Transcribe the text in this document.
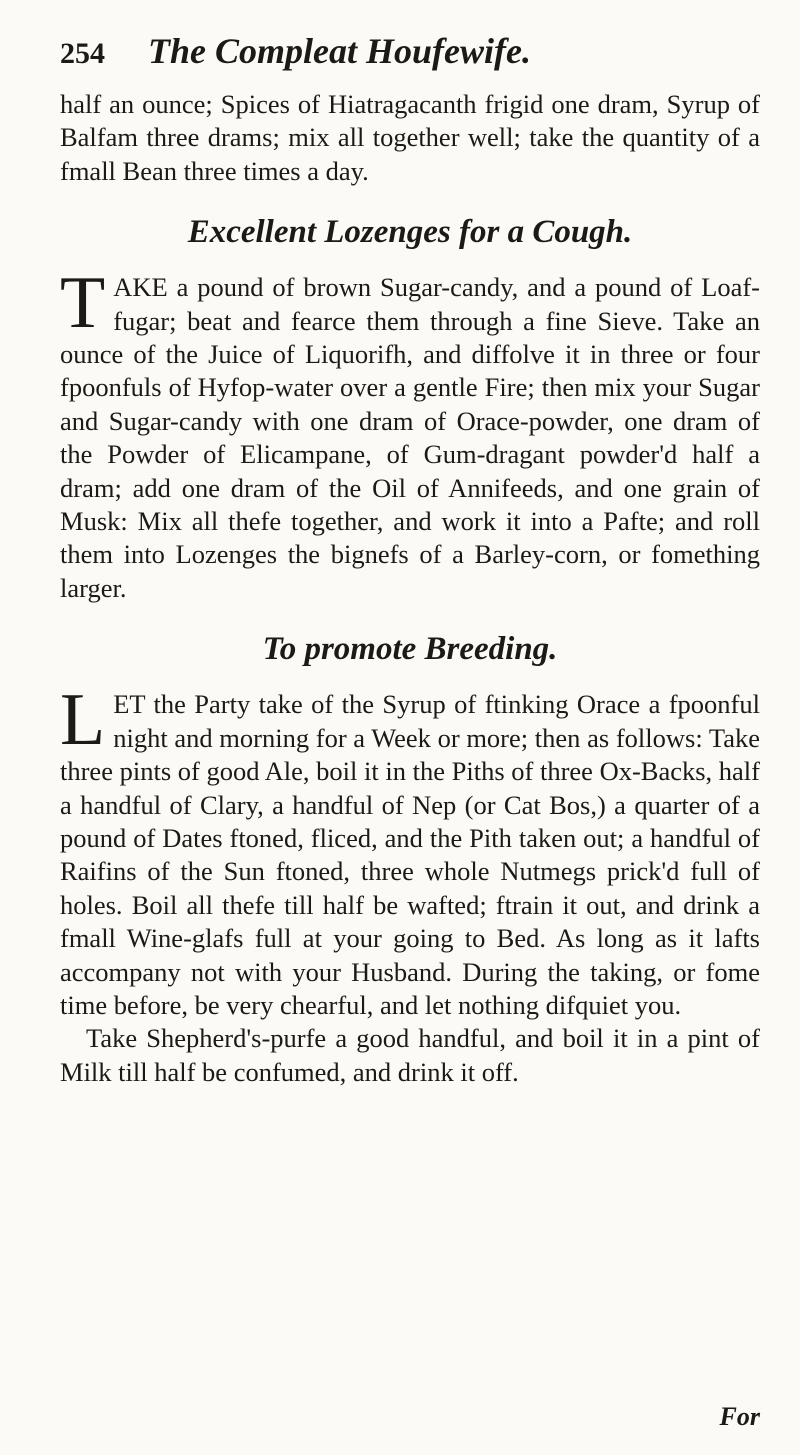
254	The Compleat Houfewife.

half an ounce; Spices of Hiatragacanth frigid one dram, Syrup of Balfam three drams; mix all together well; take the quantity of a fmall Bean three times a day.

Excellent Lozenges for a Cough.

TAKE a pound of brown Sugar-candy, and a pound of Loaf-fugar; beat and fearce them through a fine Sieve. Take an ounce of the Juice of Liquorifh, and diffolve it in three or four fpoonfuls of Hyfop-water over a gentle Fire; then mix your Sugar and Sugar-candy with one dram of Orace-powder, one dram of the Powder of Elicampane, of Gum-dragant powder'd half a dram; add one dram of the Oil of Annifeeds, and one grain of Musk: Mix all thefe together, and work it into a Pafte; and roll them into Lozenges the bignefs of a Barley-corn, or fomething larger.

To promote Breeding.

LET the Party take of the Syrup of ftinking Orace a fpoonful night and morning for a Week or more; then as follows: Take three pints of good Ale, boil it in the Piths of three Ox-Backs, half a handful of Clary, a handful of Nep (or Cat Bos,) a quarter of a pound of Dates ftoned, fliced, and the Pith taken out; a handful of Raifins of the Sun ftoned, three whole Nutmegs prick'd full of holes. Boil all thefe till half be wafted; ftrain it out, and drink a fmall Wine-glafs full at your going to Bed. As long as it lafts accompany not with your Husband. During the taking, or fome time before, be very chearful, and let nothing difquiet you.

Take Shepherd's-purfe a good handful, and boil it in a pint of Milk till half be confumed, and drink it off.

For
